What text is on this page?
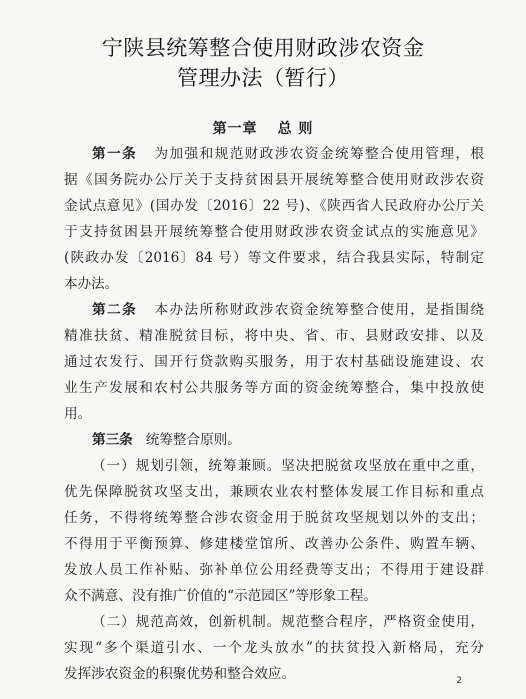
宁陕县统筹整合使用财政涉农资金
管理办法（暂行）
第一章 总 则
第一条 为加强和规范财政涉农资金统筹整合使用管理，根
据《国务院办公厅关于支持贫困县开展统筹整合使用财政涉农资
金试点意见》(国办发〔2016〕22 号)、《陕西省人民政府办公厅关
于支持贫困县开展统筹整合使用财政涉农资金试点的实施意见》
(陕政办发〔2016〕84 号）等文件要求，结合我县实际，特制定
本办法。
第二条 本办法所称财政涉农资金统筹整合使用，是指围绕
精准扶贫、精准脱贫目标，将中央、省、市、县财政安排、以及
通过农发行、国开行贷款购买服务，用于农村基础设施建设、农
业生产发展和农村公共服务等方面的资金统筹整合，集中投放使
用。
第三条 统筹整合原则。
（一）规划引领，统筹兼顾。坚决把脱贫攻坚放在重中之重，
优先保障脱贫攻坚支出，兼顾农业农村整体发展工作目标和重点
任务，不得将统筹整合涉农资金用于脱贫攻坚规划以外的支出；
不得用于平衡预算、修建楼堂馆所、改善办公条件、购置车辆、
发放人员工作补贴、弥补单位公用经费等支出；不得用于建设群
众不满意、没有推广价值的“示范园区”等形象工程。
（二）规范高效，创新机制。规范整合程序，严格资金使用，
实现“多个渠道引水、一个龙头放水”的扶贫投入新格局，充分
发挥涉农资金的积聚优势和整合效应。	2
